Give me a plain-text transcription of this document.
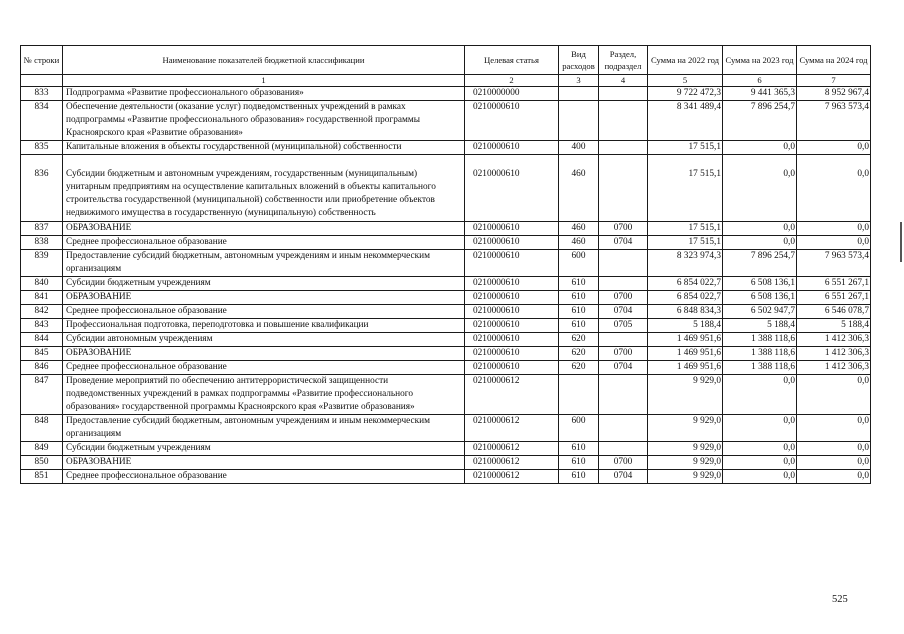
№ строки	Наименование показателей бюджетной классификации	Целевая статья	Вид расходов	Раздел, подраздел	Сумма на 2022 год	Сумма на 2023 год	Сумма на 2024 год
	1	2	3	4	5	6	7
833	Подпрограмма «Развитие профессионального образования»	0210000000			9 722 472,3	9 441 365,3	8 952 967,4
834	Обеспечение деятельности (оказание услуг) подведомственных учреждений в рамках подпрограммы «Развитие профессионального образования» государственной программы Красноярского края «Развитие образования»	0210000610			8 341 489,4	7 896 254,7	7 963 573,4
835	Капитальные вложения в объекты государственной (муниципальной) собственности	0210000610	400		17 515,1	0,0	0,0
836	Субсидии бюджетным и автономным учреждениям, государственным (муниципальным) унитарным предприятиям на осуществление капитальных вложений в объекты капитального строительства государственной (муниципальной) собственности или приобретение объектов недвижимого имущества в государственную (муниципальную) собственность	0210000610	460		17 515,1	0,0	0,0
837	ОБРАЗОВАНИЕ	0210000610	460	0700	17 515,1	0,0	0,0
838	Среднее профессиональное образование	0210000610	460	0704	17 515,1	0,0	0,0
839	Предоставление субсидий бюджетным, автономным учреждениям и иным некоммерческим организациям	0210000610	600		8 323 974,3	7 896 254,7	7 963 573,4
840	Субсидии бюджетным учреждениям	0210000610	610		6 854 022,7	6 508 136,1	6 551 267,1
841	ОБРАЗОВАНИЕ	0210000610	610	0700	6 854 022,7	6 508 136,1	6 551 267,1
842	Среднее профессиональное образование	0210000610	610	0704	6 848 834,3	6 502 947,7	6 546 078,7
843	Профессиональная подготовка, переподготовка и повышение квалификации	0210000610	610	0705	5 188,4	5 188,4	5 188,4
844	Субсидии автономным учреждениям	0210000610	620		1 469 951,6	1 388 118,6	1 412 306,3
845	ОБРАЗОВАНИЕ	0210000610	620	0700	1 469 951,6	1 388 118,6	1 412 306,3
846	Среднее профессиональное образование	0210000610	620	0704	1 469 951,6	1 388 118,6	1 412 306,3
847	Проведение мероприятий по обеспечению антитеррористической защищенности подведомственных учреждений в рамках подпрограммы «Развитие профессионального образования» государственной программы Красноярского края «Развитие образования»	0210000612			9 929,0	0,0	0,0
848	Предоставление субсидий бюджетным, автономным учреждениям и иным некоммерческим организациям	0210000612	600		9 929,0	0,0	0,0
849	Субсидии бюджетным учреждениям	0210000612	610		9 929,0	0,0	0,0
850	ОБРАЗОВАНИЕ	0210000612	610	0700	9 929,0	0,0	0,0
851	Среднее профессиональное образование	0210000612	610	0704	9 929,0	0,0	0,0
525
